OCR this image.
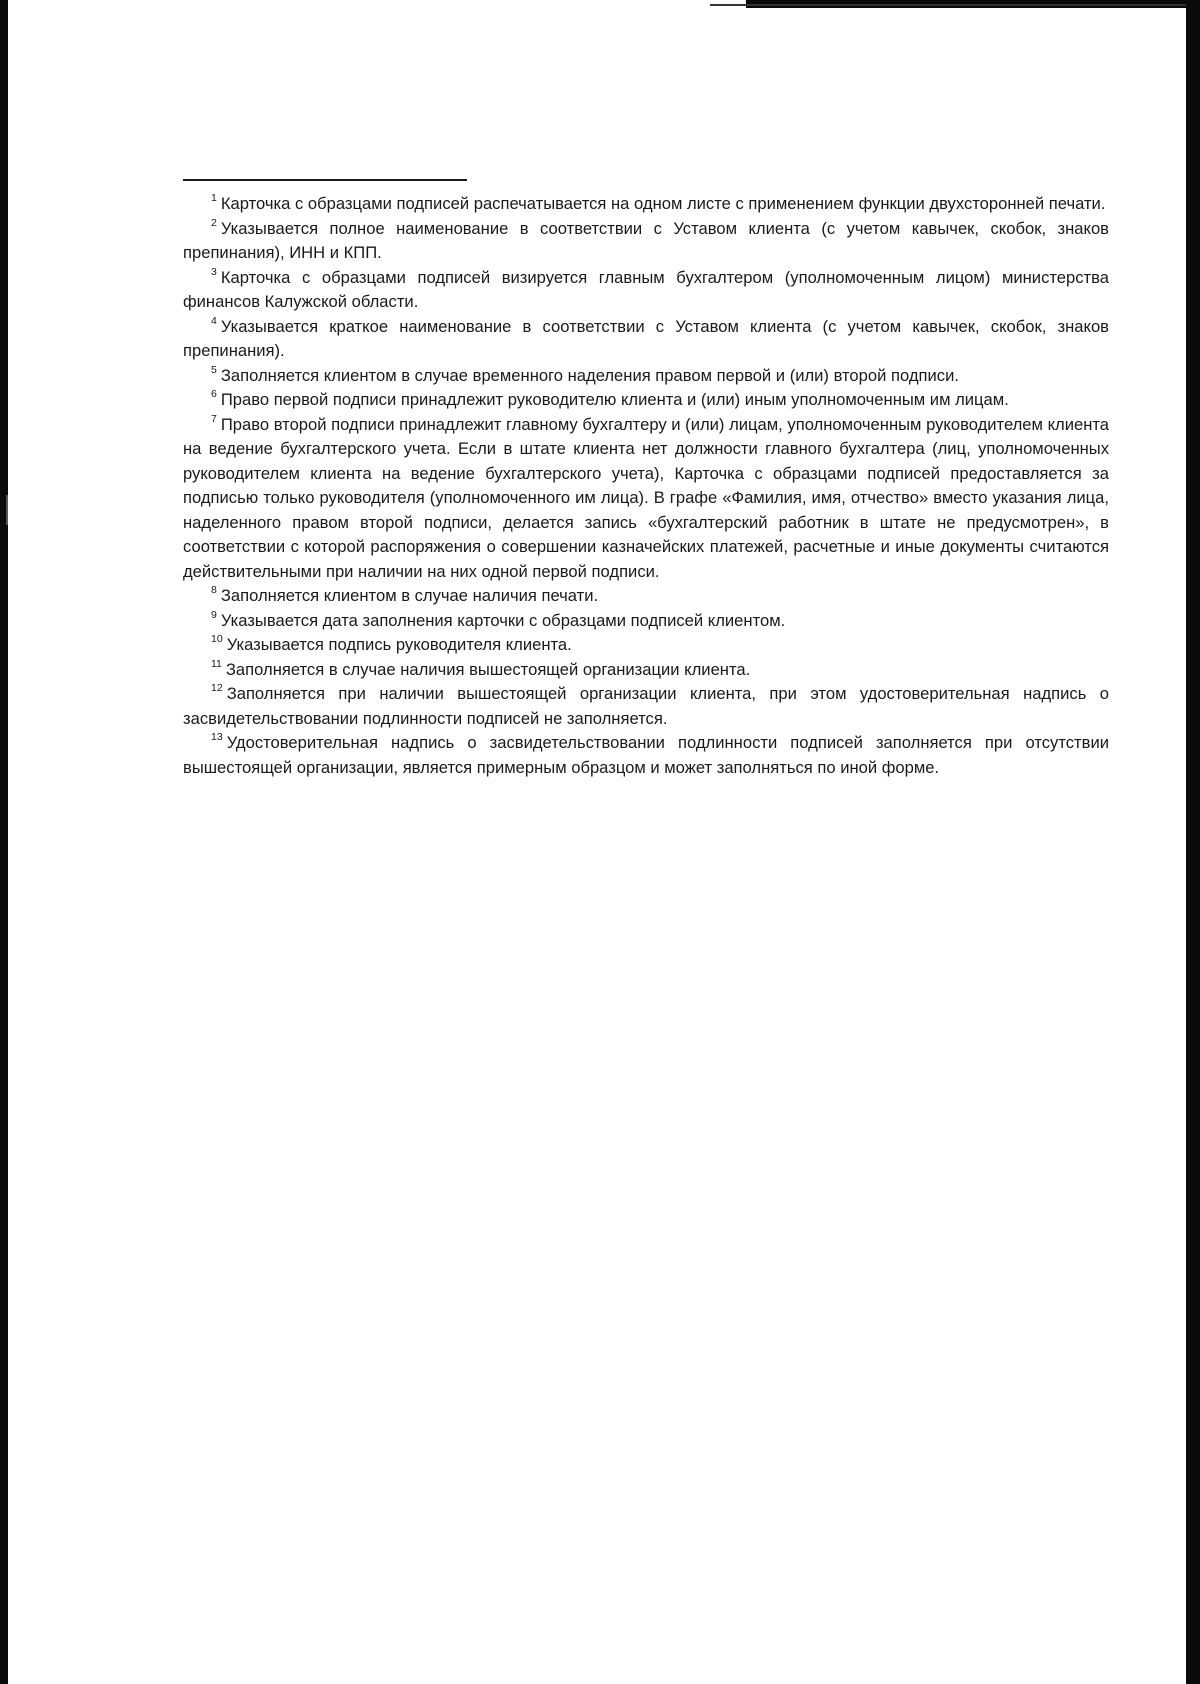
$^1$ Карточка с образцами подписей распечатывается на одном листе с применением функции двухсторонней печати.

$^2$ Указывается полное наименование в соответствии с Уставом клиента (с учетом кавычек, скобок, знаков препинания), ИНН и КПП.

$^3$ Карточка с образцами подписей визируется главным бухгалтером (уполномоченным лицом) министерства финансов Калужской области.

$^4$ Указывается краткое наименование в соответствии с Уставом клиента (с учетом кавычек, скобок, знаков препинания).

$^5$ Заполняется клиентом в случае временного наделения правом первой и (или) второй подписи.

$^6$ Право первой подписи принадлежит руководителю клиента и (или) иным уполномоченным им лицам.

$^7$ Право второй подписи принадлежит главному бухгалтеру и (или) лицам, уполномоченным руководителем клиента на ведение бухгалтерского учета. Если в штате клиента нет должности главного бухгалтера (лиц, уполномоченных руководителем клиента на ведение бухгалтерского учета), Карточка с образцами подписей предоставляется за подписью только руководителя (уполномоченного им лица). В графе «Фамилия, имя, отчество» вместо указания лица, наделенного правом второй подписи, делается запись «бухгалтерский работник в штате не предусмотрен», в соответствии с которой распоряжения о совершении казначейских платежей, расчетные и иные документы считаются действительными при наличии на них одной первой подписи.

$^8$ Заполняется клиентом в случае наличия печати.

$^9$ Указывается дата заполнения карточки с образцами подписей клиентом.

$^{10}$ Указывается подпись руководителя клиента.

$^{11}$ Заполняется в случае наличия вышестоящей организации клиента.

$^{12}$ Заполняется при наличии вышестоящей организации клиента, при этом удостоверительная надпись о засвидетельствовании подлинности подписей не заполняется.

$^{13}$ Удостоверительная надпись о засвидетельствовании подлинности подписей заполняется при отсутствии вышестоящей организации, является примерным образцом и может заполняться по иной форме.
